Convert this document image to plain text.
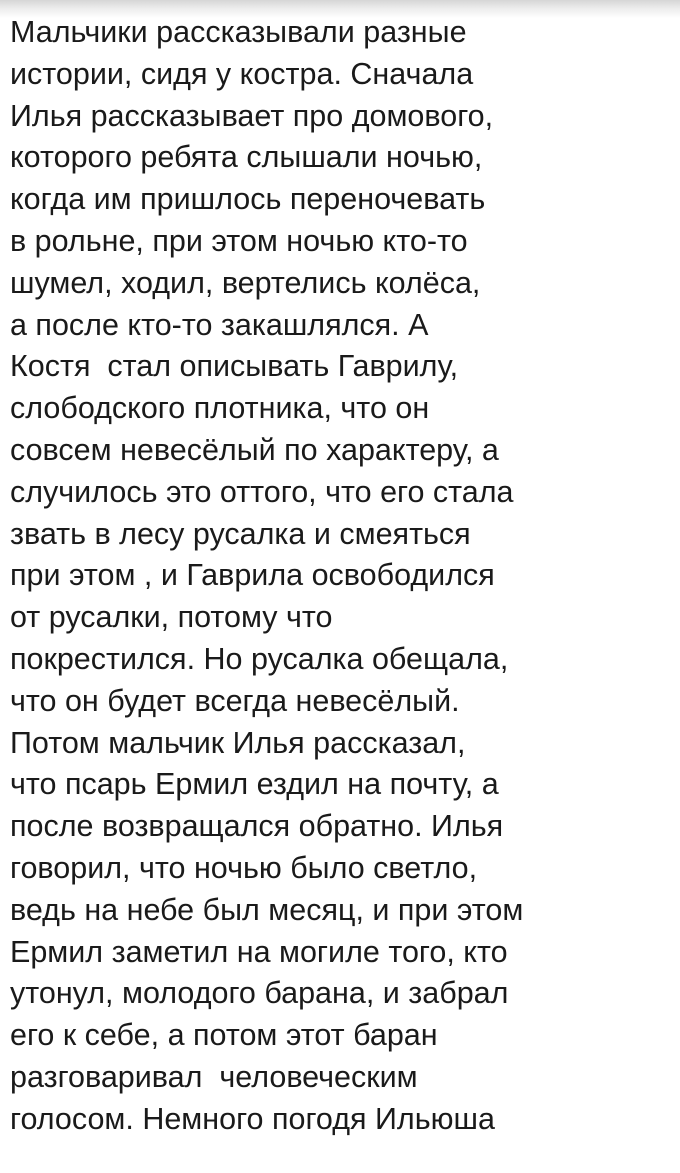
Мальчики рассказывали разные
истории, сидя у костра. Сначала
Илья рассказывает про домового,
которого ребята слышали ночью,
когда им пришлось переночевать
в рольне, при этом ночью кто-то
шумел, ходил, вертелись колёса,
а после кто-то закашлялся. А
Костя  стал описывать Гаврилу,
слободского плотника, что он
совсем невесёлый по характеру, а
случилось это оттого, что его стала
звать в лесу русалка и смеяться
при этом , и Гаврила освободился
от русалки, потому что
покрестился. Но русалка обещала,
что он будет всегда невесёлый.
Потом мальчик Илья рассказал,
что псарь Ермил ездил на почту, а
после возвращался обратно. Илья
говорил, что ночью было светло,
ведь на небе был месяц, и при этом
Ермил заметил на могиле того, кто
утонул, молодого барана, и забрал
его к себе, а потом этот баран
разговаривал  человеческим
голосом. Немного погодя Ильюша
